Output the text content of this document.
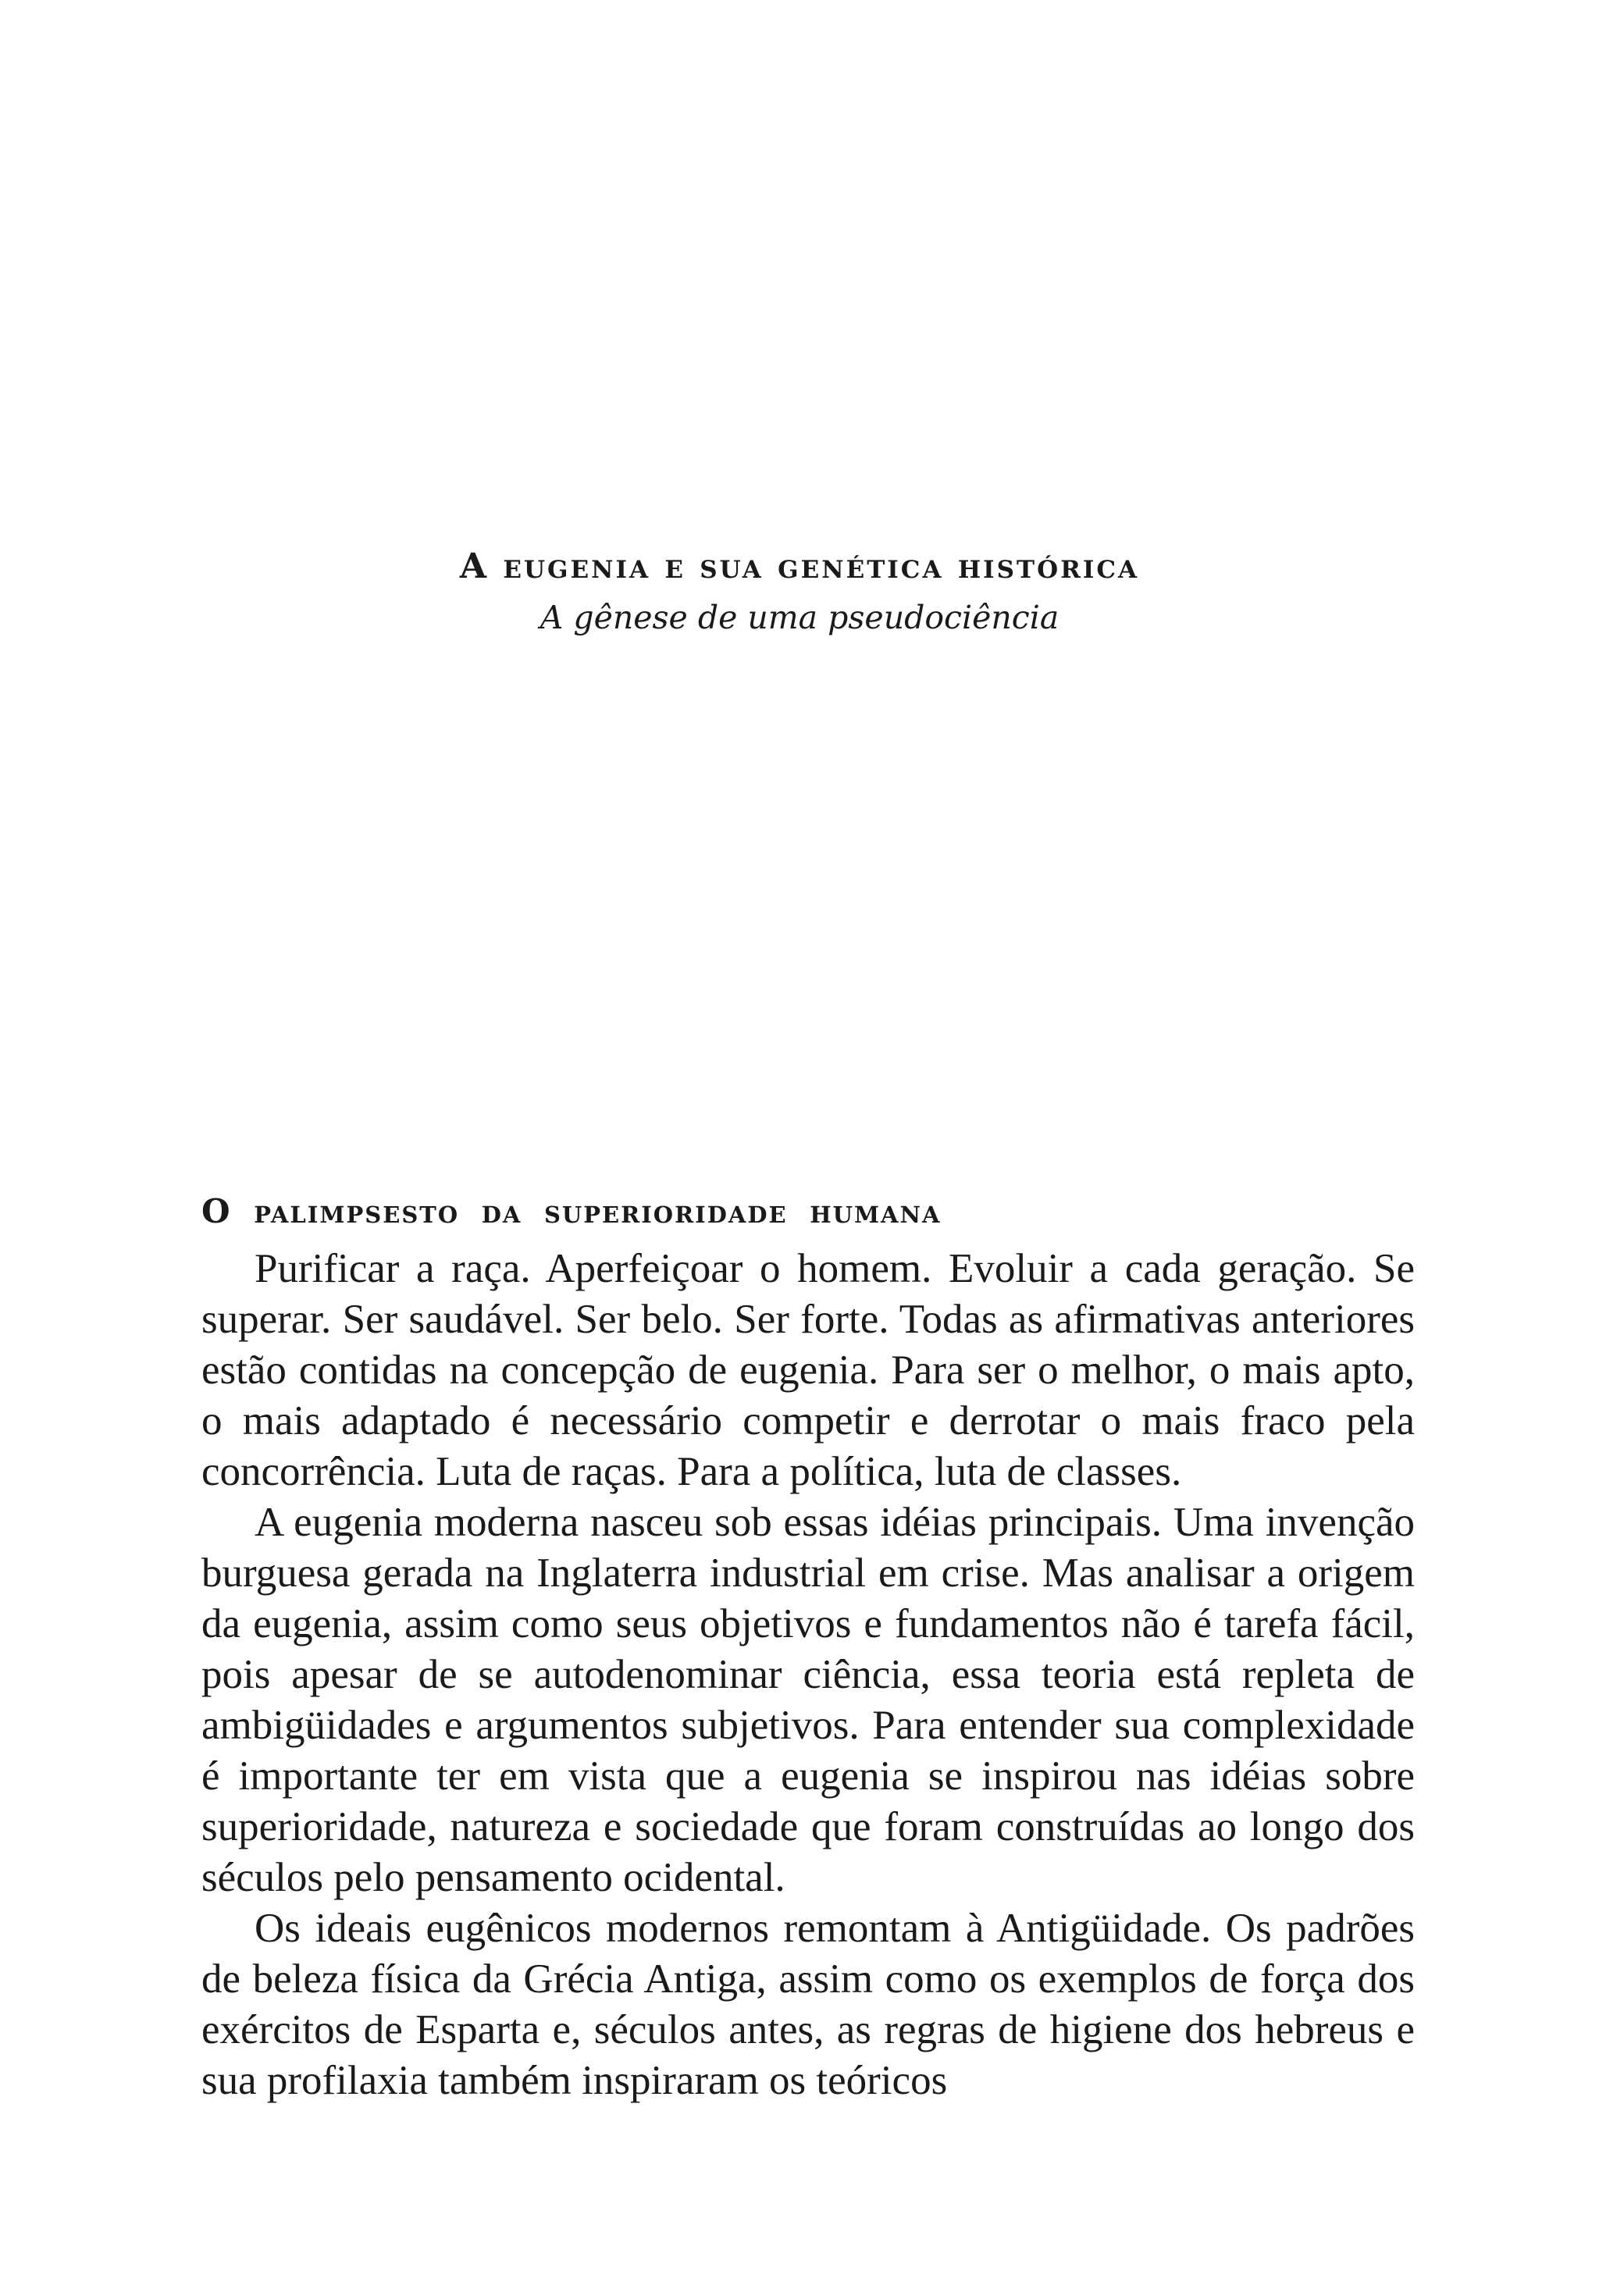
A eugenia e sua genética histórica

A gênese de uma pseudociência

O palimpsesto da superioridade humana

Purificar a raça. Aperfeiçoar o homem. Evoluir a cada geração. Se superar. Ser saudável. Ser belo. Ser forte. Todas as afirmativas anteriores estão contidas na concepção de eugenia. Para ser o melhor, o mais apto, o mais adaptado é necessário competir e derrotar o mais fraco pela concorrência. Luta de raças. Para a política, luta de classes.

A eugenia moderna nasceu sob essas idéias principais. Uma invenção burguesa gerada na Inglaterra industrial em crise. Mas analisar a origem da eugenia, assim como seus objetivos e fundamentos não é tarefa fácil, pois apesar de se autodenominar ciência, essa teoria está repleta de ambigüidades e argumentos subjetivos. Para entender sua complexidade é importante ter em vista que a eugenia se inspirou nas idéias sobre superioridade, natureza e sociedade que foram construídas ao longo dos séculos pelo pensamento ocidental.

Os ideais eugênicos modernos remontam à Antigüidade. Os padrões de beleza física da Grécia Antiga, assim como os exemplos de força dos exércitos de Esparta e, séculos antes, as regras de higiene dos hebreus e sua profilaxia também inspiraram os teóricos
